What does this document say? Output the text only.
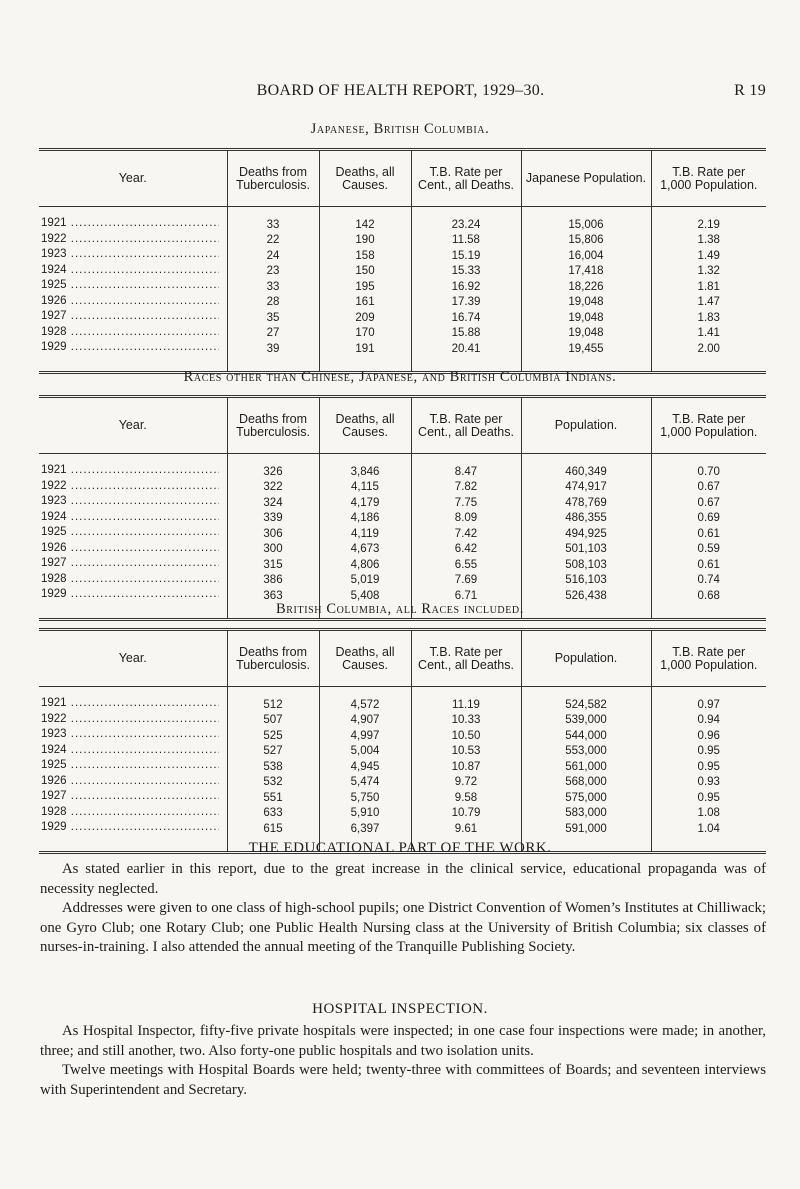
BOARD OF HEALTH REPORT, 1929–30.	R 19
Japanese, British Columbia.
Year.	Deaths from Tuberculosis.	Deaths, all Causes.	T.B. Rate per Cent., all Deaths.	Japanese Population.	T.B. Rate per 1,000 Population.

1921 .....	33	142	23.24	15,006	2.19
1922 .....	22	190	11.58	15,806	1.38
1923 .....	24	158	15.19	16,004	1.49
1924 .....	23	150	15.33	17,418	1.32
1925 .....	33	195	16.92	18,226	1.81
1926 .....	28	161	17.39	19,048	1.47
1927 .....	35	209	16.74	19,048	1.83
1928 .....	27	170	15.88	19,048	1.41
1929 .....	39	191	20.41	19,455	2.00

Races other than Chinese, Japanese, and British Columbia Indians.
Year.	Deaths from Tuberculosis.	Deaths, all Causes.	T.B. Rate per Cent., all Deaths.	Population.	T.B. Rate per 1,000 Population.

1921 .....	326	3,846	8.47	460,349	0.70
1922 .....	322	4,115	7.82	474,917	0.67
1923 .....	324	4,179	7.75	478,769	0.67
1924 .....	339	4,186	8.09	486,355	0.69
1925 .....	306	4,119	7.42	494,925	0.61
1926 .....	300	4,673	6.42	501,103	0.59
1927 .....	315	4,806	6.55	508,103	0.61
1928 .....	386	5,019	7.69	516,103	0.74
1929 .....	363	5,408	6.71	526,438	0.68

British Columbia, all Races included.
Year.	Deaths from Tuberculosis.	Deaths, all Causes.	T.B. Rate per Cent., all Deaths.	Population.	T.B. Rate per 1,000 Population.

1921 .....	512	4,572	11.19	524,582	0.97
1922 .....	507	4,907	10.33	539,000	0.94
1923 .....	525	4,997	10.50	544,000	0.96
1924 .....	527	5,004	10.53	553,000	0.95
1925 .....	538	4,945	10.87	561,000	0.95
1926 .....	532	5,474	9.72	568,000	0.93
1927 .....	551	5,750	9.58	575,000	0.95
1928 .....	633	5,910	10.79	583,000	1.08
1929 .....	615	6,397	9.61	591,000	1.04

THE EDUCATIONAL PART OF THE WORK.

As stated earlier in this report, due to the great increase in the clinical service, educational propaganda was of necessity neglected.

Addresses were given to one class of high-school pupils; one District Convention of Women’s Institutes at Chilliwack; one Gyro Club; one Rotary Club; one Public Health Nursing class at the University of British Columbia; six classes of nurses-in-training. I also attended the annual meeting of the Tranquille Publishing Society.

HOSPITAL INSPECTION.

As Hospital Inspector, fifty-five private hospitals were inspected; in one case four inspections were made; in another, three; and still another, two. Also forty-one public hospitals and two isolation units.

Twelve meetings with Hospital Boards were held; twenty-three with committees of Boards; and seventeen interviews with Superintendent and Secretary.
